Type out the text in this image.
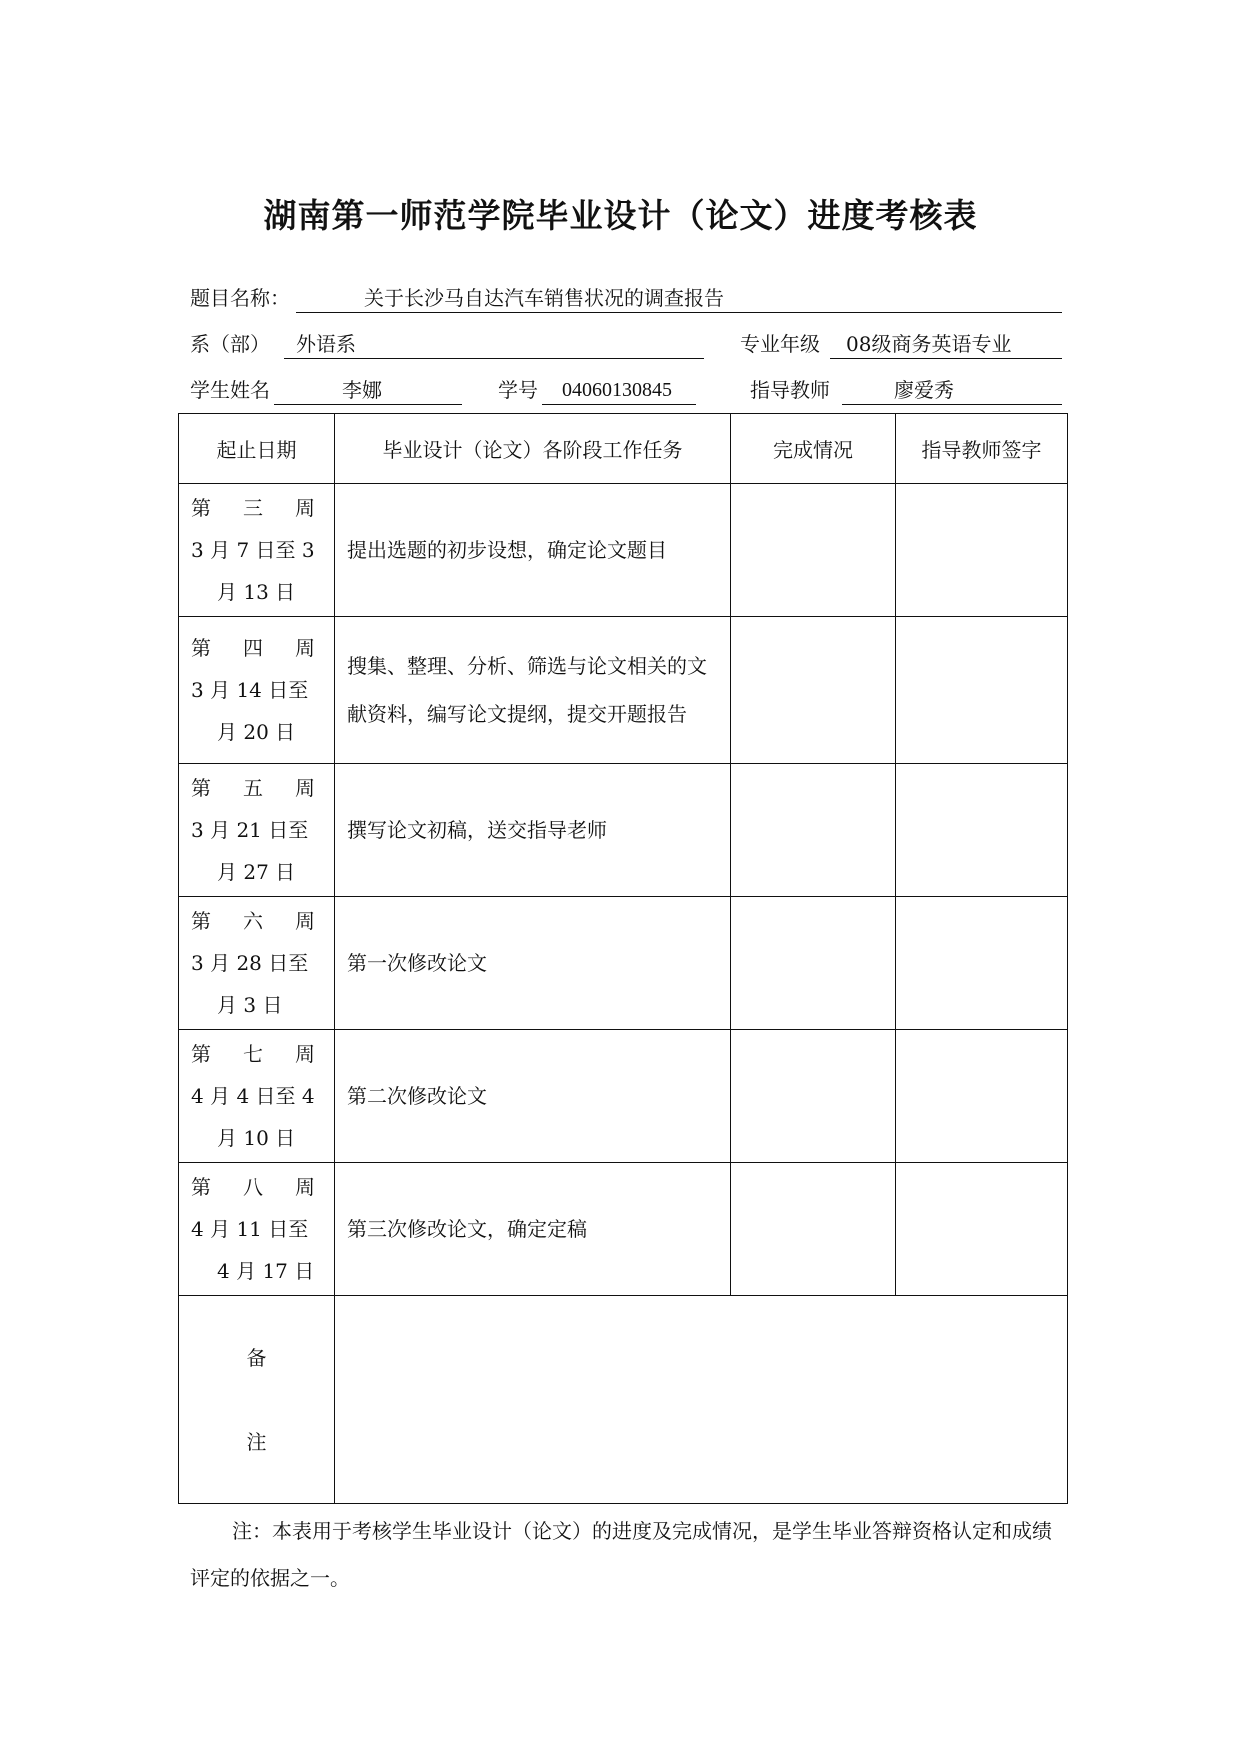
湖南第一师范学院毕业设计（论文）进度考核表
题目名称：	关于长沙马自达汽车销售状况的调查报告
系（部） 外语系	专业年级 08级商务英语专业
学生姓名	李娜	学号 04060130845	指导教师	廖爱秀
起止日期	毕业设计（论文）各阶段工作任务	完成情况	指导教师签字

第 三 周
3 月 7 日至 3
月 13 日	提出选题的初步设想，确定论文题目		

第 四 周
3 月 14 日至
月 20 日	搜集、整理、分析、筛选与论文相关的文献资料，编写论文提纲，提交开题报告		

第 五 周
3 月 21 日至
月 27 日	撰写论文初稿，送交指导老师		

第 六 周
3 月 28 日至
月 3 日	第一次修改论文		

第 七 周
4 月 4 日至 4
月 10 日	第二次修改论文		

第 八 周
4 月 11 日至
4 月 17 日	第三次修改论文，确定定稿		

备
注			

注：本表用于考核学生毕业设计（论文）的进度及完成情况，是学生毕业答辩资格认定和成绩评定的依据之一。
